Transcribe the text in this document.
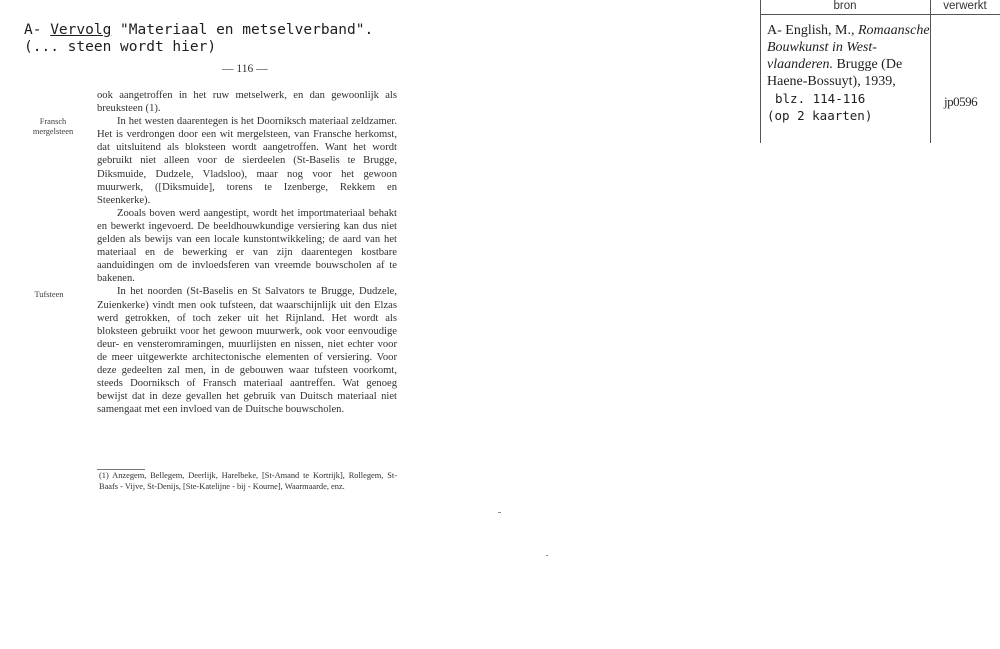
A- Vervolg "Materiaal en metselverband".
(... steen wordt hier)
— 116 —
Fransch
mergelsteen
Tufsteen

ook aangetroffen in het ruw metselwerk, en dan gewoonlijk als breuksteen (1).

In het westen daarentegen is het Doorniksch materiaal zeldzamer. Het is verdrongen door een wit mergelsteen, van Fransche herkomst, dat uitsluitend als bloksteen wordt aangetroffen. Want het wordt gebruikt niet alleen voor de sierdeelen (St-Baselis te Brugge, Diksmuide, Dudzele, Vladsloo), maar nog voor het gewoon muurwerk, ([Diksmuide], torens te Izenberge, Rekkem en Steenkerke).

Zooals boven werd aangestipt, wordt het importmateriaal behakt en bewerkt ingevoerd. De beeldhouwkundige versiering kan dus niet gelden als bewijs van een locale kunstontwikkeling; de aard van het materiaal en de bewerking er van zijn daarentegen kostbare aanduidingen om de invloedsferen van vreemde bouwscholen af te bakenen.

In het noorden (St-Baselis en St Salvators te Brugge, Dudzele, Zuienkerke) vindt men ook tufsteen, dat waarschijnlijk uit den Elzas werd getrokken, of toch zeker uit het Rijnland. Het wordt als bloksteen gebruikt voor het gewoon muurwerk, ook voor eenvoudige deur- en vensteromramingen, muurlijsten en nissen, niet echter voor de meer uitgewerkte architectonische elementen of versiering. Voor deze gedeelten zal men, in de gebouwen waar tufsteen voorkomt, steeds Doorniksch of Fransch materiaal aantreffen. Wat genoeg bewijst dat in deze gevallen het gebruik van Duitsch materiaal niet samengaat met een invloed van de Duitsche bouwscholen.

(1) Anzegem, Bellegem, Deerlijk, Harelbeke, [St-Amand te Kortrijk], Rollegem, St-Baafs - Vijve, St-Denijs, [Ste-Katelijne - bij - Kourne], Waarmaarde, enz.
bron	verwerkt
A- English, M., Romaansche Bouwkunst in West-vlaanderen. Brugge (De Haene-Bossuyt), 1939,
blz. 114-116
(op 2 kaarten)
jp0596
